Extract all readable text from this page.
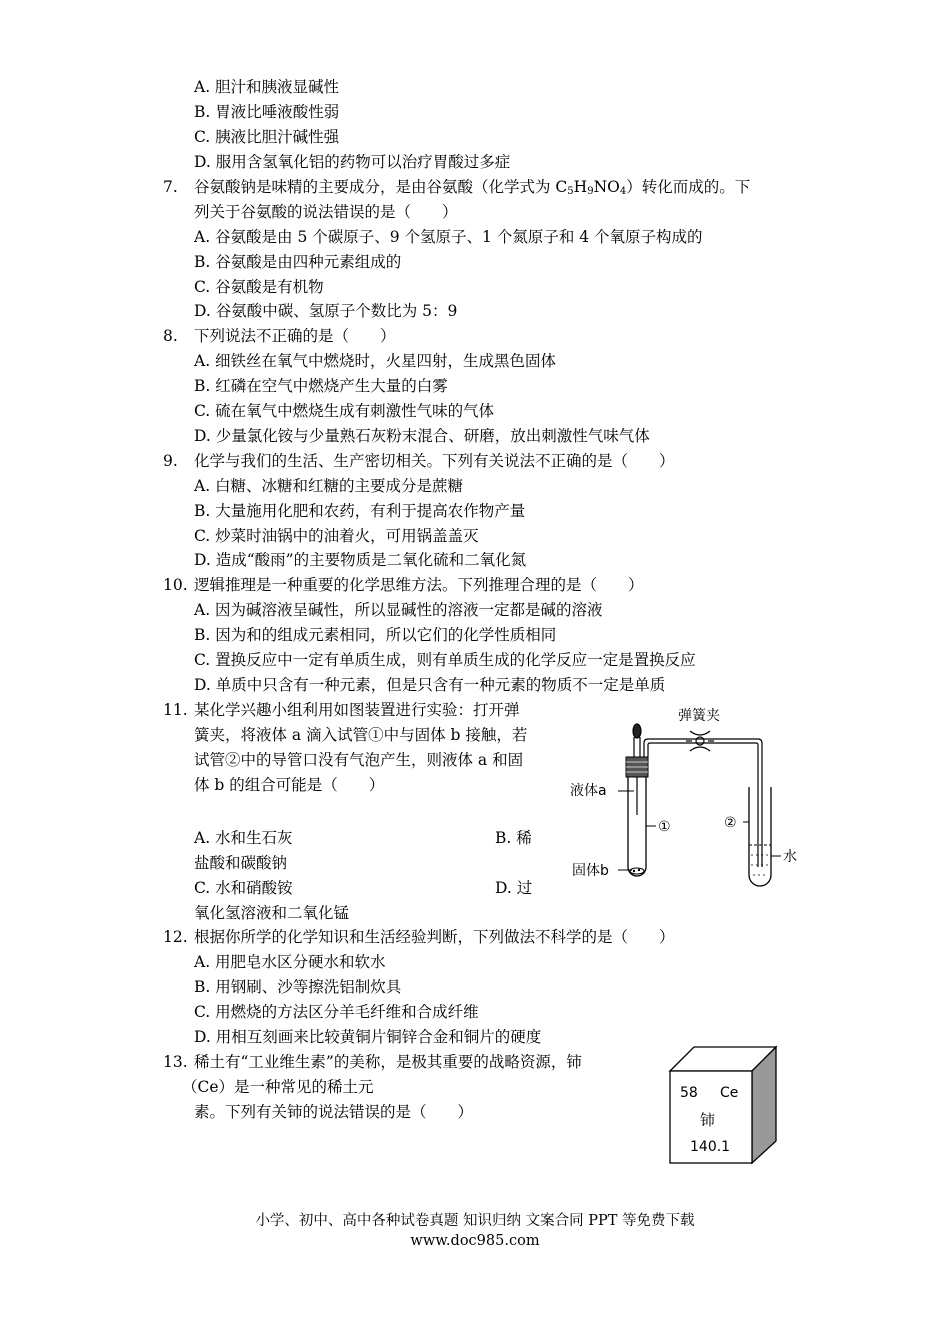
A. 胆汁和胰液显碱性
B. 胃液比唾液酸性弱
C. 胰液比胆汁碱性强
D. 服用含氢氧化铝的药物可以治疗胃酸过多症
7. 谷氨酸钠是味精的主要成分，是由谷氨酸（化学式为 $C_5H_9NO_4$）转化而成的。下
列关于谷氨酸的说法错误的是（　　）
A. 谷氨酸是由 5 个碳原子、9 个氢原子、1 个氮原子和 4 个氧原子构成的
B. 谷氨酸是由四种元素组成的
C. 谷氨酸是有机物
D. 谷氨酸中碳、氢原子个数比为 5：9
8. 下列说法不正确的是（　　）
A. 细铁丝在氧气中燃烧时，火星四射，生成黑色固体
B. 红磷在空气中燃烧产生大量的白雾
C. 硫在氧气中燃烧生成有刺激性气味的气体
D. 少量氯化铵与少量熟石灰粉末混合、研磨，放出刺激性气味气体
9. 化学与我们的生活、生产密切相关。下列有关说法不正确的是（　　）
A. 白糖、冰糖和红糖的主要成分是蔗糖
B. 大量施用化肥和农药，有利于提高农作物产量
C. 炒菜时油锅中的油着火，可用锅盖盖灭
D. 造成“酸雨”的主要物质是二氧化硫和二氧化氮
10. 逻辑推理是一种重要的化学思维方法。下列推理合理的是（　　）
A. 因为碱溶液呈碱性，所以显碱性的溶液一定都是碱的溶液
B. 因为和的组成元素相同，所以它们的化学性质相同
C. 置换反应中一定有单质生成，则有单质生成的化学反应一定是置换反应
D. 单质中只含有一种元素，但是只含有一种元素的物质不一定是单质
11. 某化学兴趣小组利用如图装置进行实验：打开弹
簧夹，将液体 a 滴入试管①中与固体 b 接触，若
试管②中的导管口没有气泡产生，则液体 a 和固
体 b 的组合可能是（　　）
A. 水和生石灰	B. 稀
盐酸和碳酸钠
C. 水和硝酸铵	D. 过
氧化氢溶液和二氧化锰
弹簧夹
液体a
①
固体b
②
水
12. 根据你所学的化学知识和生活经验判断，下列做法不科学的是（　　）
A. 用肥皂水区分硬水和软水
B. 用钢刷、沙等擦洗铝制炊具
C. 用燃烧的方法区分羊毛纤维和合成纤维
D. 用相互刻画来比较黄铜片铜锌合金和铜片的硬度
13. 稀土有“工业维生素”的美称，是极其重要的战略资源，铈
（Ce）是一种常见的稀土元
素。下列有关铈的说法错误的是（　　）
58 Ce
铈
140.1
小学、初中、高中各种试卷真题 知识归纳 文案合同 PPT 等免费下载
www.doc985.com
